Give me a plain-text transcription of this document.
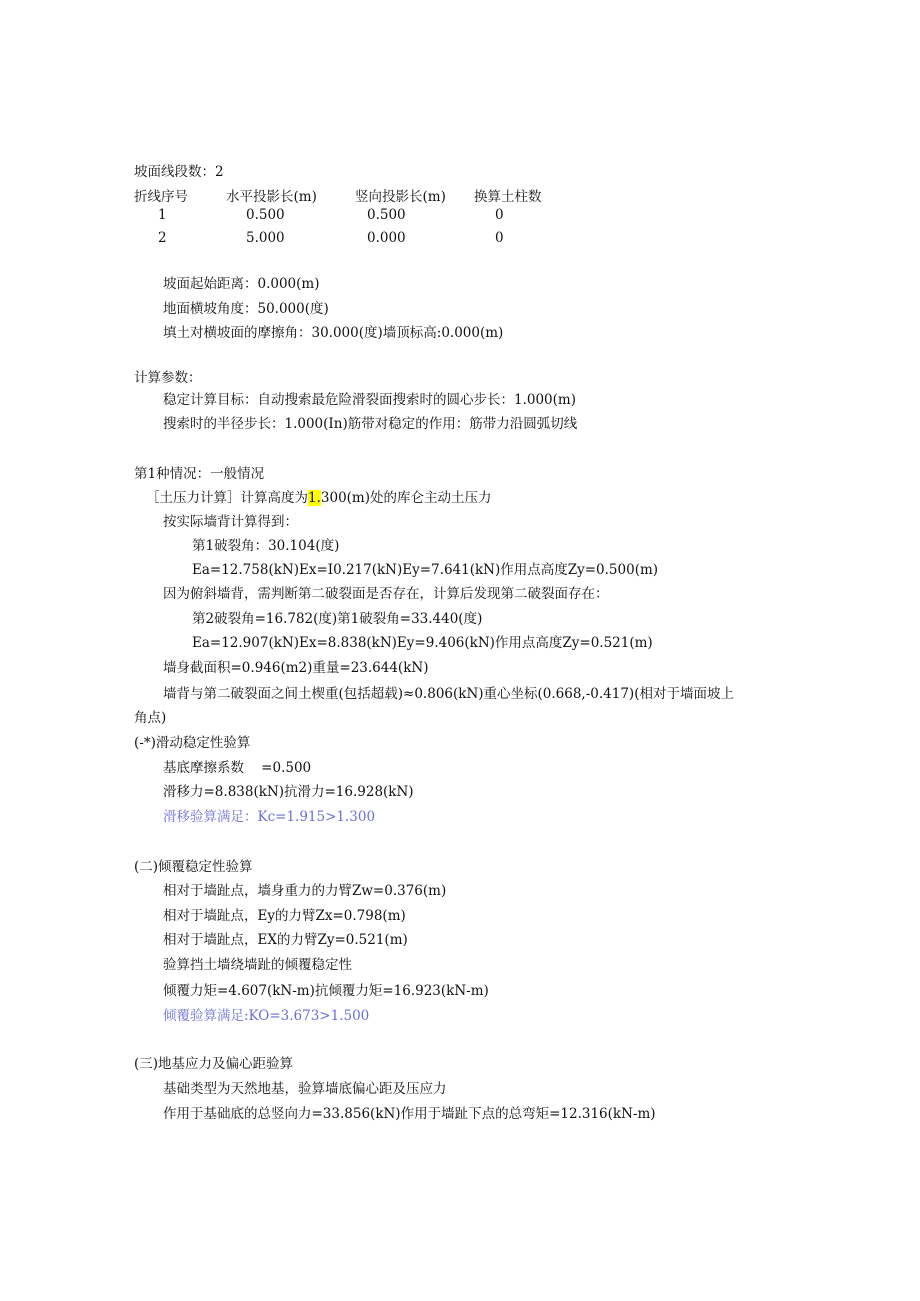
坡面线段数：2
折线序号	水平投影长(m)	竖向投影长(m) 换算土柱数
1	0.500	0.500	0
2	5.000	0.000	0
坡面起始距离：0.000(m)
地面横坡角度：50.000(度)
填土对横坡面的摩擦角：30.000(度)墙顶标高:0.000(m)
计算参数：
稳定计算目标：自动搜索最危险滑裂面搜索时的圆心步长：1.000(m)
搜索时的半径步长：1.000(In)筋带对稳定的作用：筋带力沿圆弧切线
第1种情况：一般情况
［土压力计算］计算高度为1.300(m)处的库仑主动土压力
按实际墙背计算得到：
第1破裂角：30.104(度)
Ea=12.758(kN)Ex=I0.217(kN)Ey=7.641(kN)作用点高度Zy=0.500(m)
因为俯斜墙背，需判断第二破裂面是否存在，计算后发现第二破裂面存在：
第2破裂角=16.782(度)第1破裂角=33.440(度)
Ea=12.907(kN)Ex=8.838(kN)Ey=9.406(kN)作用点高度Zy=0.521(m)
墙身截面积=0.946(m2)重量=23.644(kN)
墙背与第二破裂面之间土楔重(包括超载)≈0.806(kN)重心坐标(0.668,-0.417)(相对于墙面坡上
角点)
(-*)滑动稳定性验算
基底摩擦系数    =0.500
滑移力=8.838(kN)抗滑力=16.928(kN)
滑移验算满足：Kc=1.915>1.300
(二)倾覆稳定性验算
相对于墙趾点，墙身重力的力臂Zw=0.376(m)
相对于墙趾点，Ey的力臂Zx=0.798(m)
相对于墙趾点，EX的力臂Zy=0.521(m)
验算挡土墙绕墙趾的倾覆稳定性
倾覆力矩=4.607(kN-m)抗倾覆力矩=16.923(kN-m)
倾覆验算满足:KO=3.673>1.500
(三)地基应力及偏心距验算
基础类型为天然地基，验算墙底偏心距及压应力
作用于基础底的总竖向力=33.856(kN)作用于墙趾下点的总弯矩=12.316(kN-m)
